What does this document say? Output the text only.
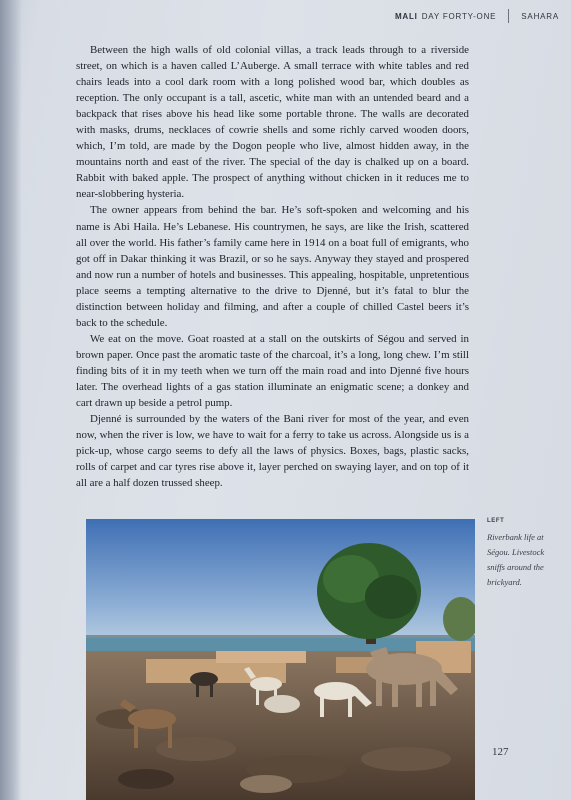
MALI DAY FORTY-ONE	SAHARA

Between the high walls of old colonial villas, a track leads through to a riverside street, on which is a haven called L’Auberge. A small terrace with white tables and red chairs leads into a cool dark room with a long polished wood bar, which doubles as reception. The only occupant is a tall, ascetic, white man with an untended beard and a backpack that rises above his head like some portable throne. The walls are decorated with masks, drums, necklaces of cowrie shells and some richly carved wooden doors, which, I’m told, are made by the Dogon people who live, almost hidden away, in the mountains north and east of the river. The special of the day is chalked up on a board. Rabbit with baked apple. The prospect of anything without chicken in it reduces me to near-slobbering hysteria.

The owner appears from behind the bar. He’s soft-spoken and welcoming and his name is Abi Haila. He’s Lebanese. His countrymen, he says, are like the Irish, scattered all over the world. His father’s family came here in 1914 on a boat full of emigrants, who got off in Dakar thinking it was Brazil, or so he says. Anyway they stayed and prospered and now run a number of hotels and businesses. This appealing, hospitable, unpretentious place seems a tempting alternative to the drive to Djenné, but it’s fatal to blur the distinction between holiday and filming, and after a couple of chilled Castel beers it’s back to the schedule.

We eat on the move. Goat roasted at a stall on the outskirts of Ségou and served in brown paper. Once past the aromatic taste of the charcoal, it’s a long, long chew. I’m still finding bits of it in my teeth when we turn off the main road and into Djenné five hours later. The overhead lights of a gas station illuminate an enigmatic scene; a donkey and cart drawn up beside a petrol pump.

Djenné is surrounded by the waters of the Bani river for most of the year, and even now, when the river is low, we have to wait for a ferry to take us across. Alongside us is a pick-up, whose cargo seems to defy all the laws of physics. Boxes, bags, plastic sacks, rolls of carpet and car tyres rise above it, layer perched on swaying layer, and on top of it all are a half dozen trussed sheep.

LEFT
Riverbank life at Ségou. Livestock sniffs around the brickyard.
127
